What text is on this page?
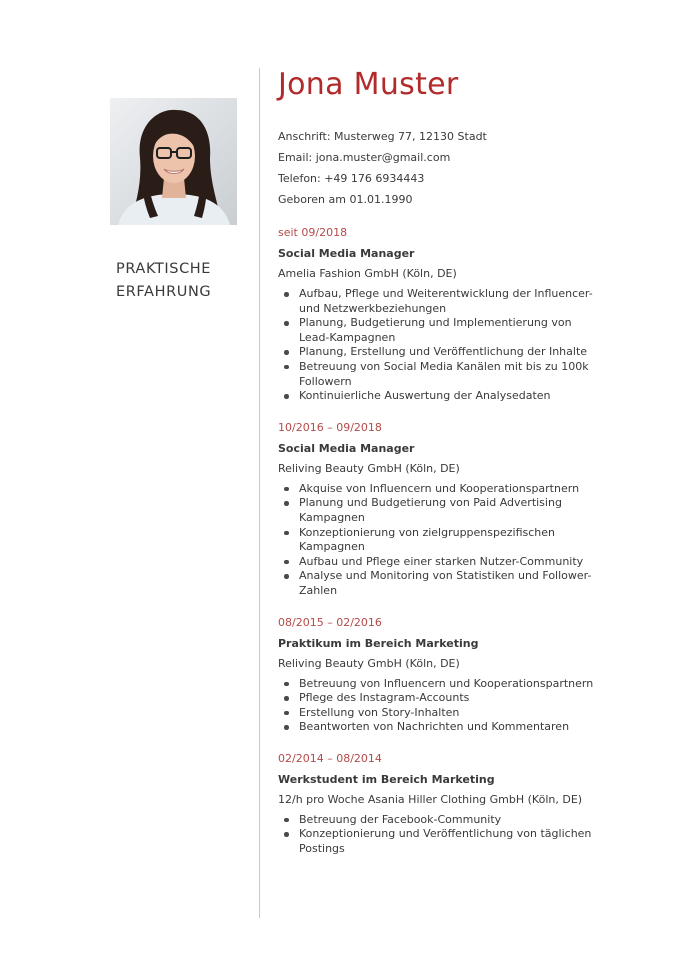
PRAKTISCHE
ERFAHRUNG
Jona Muster
Anschrift: Musterweg 77, 12130 Stadt
Email: jona.muster@gmail.com
Telefon: +49 176 6934443
Geboren am 01.01.1990
seit 09/2018
Social Media Manager
Amelia Fashion GmbH (Köln, DE)
Aufbau, Pflege und Weiterentwicklung der Influencer- und Netzwerkbeziehungen
Planung, Budgetierung und Implementierung von Lead-Kampagnen
Planung, Erstellung und Veröffentlichung der Inhalte
Betreuung von Social Media Kanälen mit bis zu 100k Followern
Kontinuierliche Auswertung der Analysedaten
10/2016 – 09/2018
Social Media Manager
Reliving Beauty GmbH (Köln, DE)
Akquise von Influencern und Kooperationspartnern
Planung und Budgetierung von Paid Advertising Kampagnen
Konzeptionierung von zielgruppenspezifischen Kampagnen
Aufbau und Pflege einer starken Nutzer-Community
Analyse und Monitoring von Statistiken und Follower-Zahlen
08/2015 – 02/2016
Praktikum im Bereich Marketing
Reliving Beauty GmbH (Köln, DE)
Betreuung von Influencern und Kooperationspartnern
Pflege des Instagram-Accounts
Erstellung von Story-Inhalten
Beantworten von Nachrichten und Kommentaren
02/2014 – 08/2014
Werkstudent im Bereich Marketing
12/h pro Woche Asania Hiller Clothing GmbH (Köln, DE)
Betreuung der Facebook-Community
Konzeptionierung und Veröffentlichung von täglichen Postings
